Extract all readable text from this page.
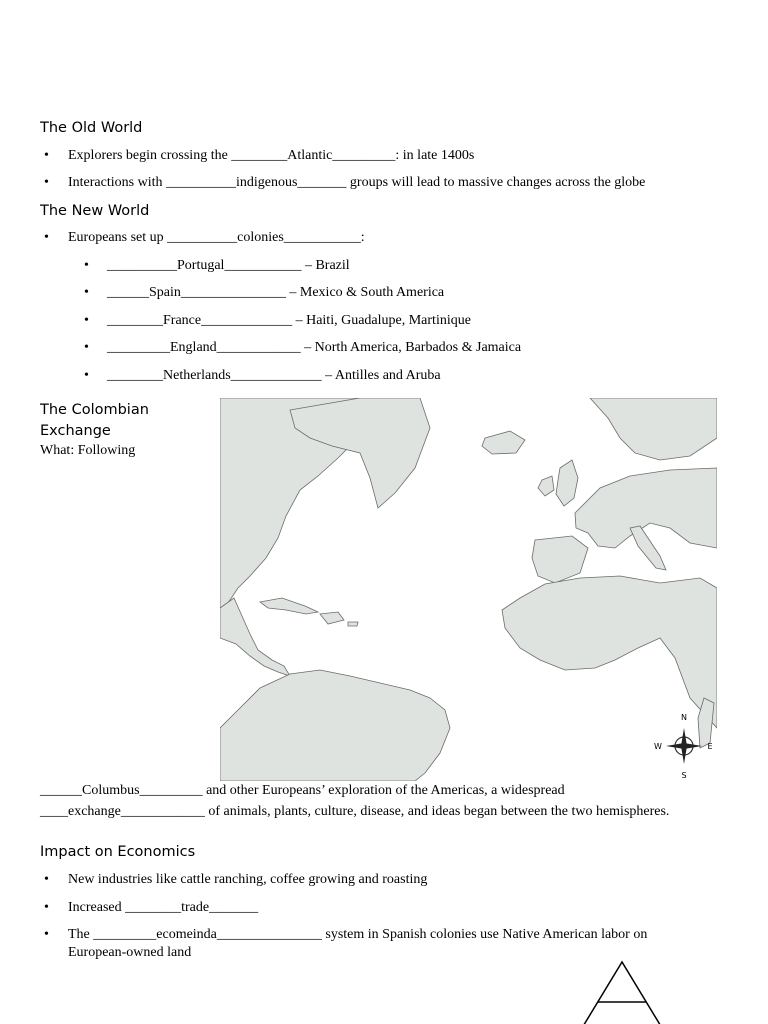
The Old World
• Explorers begin crossing the ________Atlantic_________: in late 1400s
• Interactions with __________indigenous_______ groups will lead to massive changes across the globe
The New World
• Europeans set up __________colonies___________:
• __________Portugal___________ – Brazil
• ______Spain_______________ – Mexico & South America
• ________France_____________ – Haiti, Guadalupe, Martinique
• _________England____________ – North America, Barbados & Jamaica
• ________Netherlands_____________ – Antilles and Aruba
The Colombian
Exchange
What: Following
N
S
W	E
______Columbus_________ and other Europeans’ exploration of the Americas, a widespread
____exchange____________ of animals, plants, culture, disease, and ideas began between the two hemispheres.
Impact on Economics
• New industries like cattle ranching, coffee growing and roasting
• Increased ________trade_______
• The _________ecomeinda_______________ system in Spanish colonies use Native American labor on European-owned land
